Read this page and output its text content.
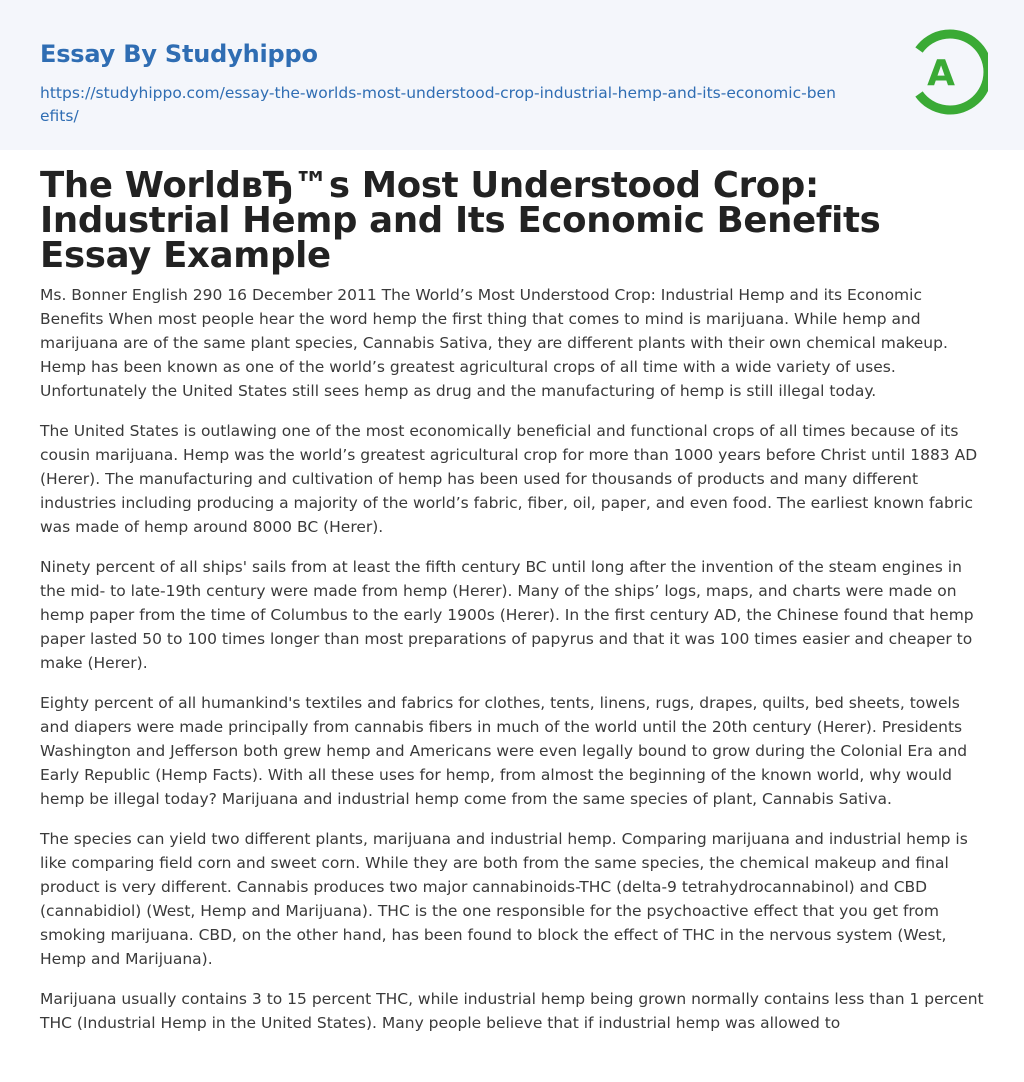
Essay By Studyhippo
https://studyhippo.com/essay-the-worlds-most-understood-crop-industrial-hemp-and-its-economic-benefits/
A
The WorldвЂ™s Most Understood Crop: Industrial Hemp and Its Economic Benefits Essay Example

Ms. Bonner English 290 16 December 2011 The World’s Most Understood Crop: Industrial Hemp and its Economic Benefits When most people hear the word hemp the first thing that comes to mind is marijuana. While hemp and marijuana are of the same plant species, Cannabis Sativa, they are different plants with their own chemical makeup. Hemp has been known as one of the world’s greatest agricultural crops of all time with a wide variety of uses. Unfortunately the United States still sees hemp as drug and the manufacturing of hemp is still illegal today.

The United States is outlawing one of the most economically beneficial and functional crops of all times because of its cousin marijuana. Hemp was the world’s greatest agricultural crop for more than 1000 years before Christ until 1883 AD (Herer). The manufacturing and cultivation of hemp has been used for thousands of products and many different industries including producing a majority of the world’s fabric, fiber, oil, paper, and even food. The earliest known fabric was made of hemp around 8000 BC (Herer).

Ninety percent of all ships' sails from at least the fifth century BC until long after the invention of the steam engines in the mid- to late-19th century were made from hemp (Herer). Many of the ships’ logs, maps, and charts were made on hemp paper from the time of Columbus to the early 1900s (Herer). In the first century AD, the Chinese found that hemp paper lasted 50 to 100 times longer than most preparations of papyrus and that it was 100 times easier and cheaper to make (Herer).

Eighty percent of all humankind's textiles and fabrics for clothes, tents, linens, rugs, drapes, quilts, bed sheets, towels and diapers were made principally from cannabis fibers in much of the world until the 20th century (Herer). Presidents Washington and Jefferson both grew hemp and Americans were even legally bound to grow during the Colonial Era and Early Republic (Hemp Facts). With all these uses for hemp, from almost the beginning of the known world, why would hemp be illegal today? Marijuana and industrial hemp come from the same species of plant, Cannabis Sativa.

The species can yield two different plants, marijuana and industrial hemp. Comparing marijuana and industrial hemp is like comparing field corn and sweet corn. While they are both from the same species, the chemical makeup and final product is very different. Cannabis produces two major cannabinoids-THC (delta-9 tetrahydrocannabinol) and CBD (cannabidiol) (West, Hemp and Marijuana). THC is the one responsible for the psychoactive effect that you get from smoking marijuana. CBD, on the other hand, has been found to block the effect of THC in the nervous system (West, Hemp and Marijuana).

Marijuana usually contains 3 to 15 percent THC, while industrial hemp being grown normally contains less than 1 percent THC (Industrial Hemp in the United States). Many people believe that if industrial hemp was allowed to
